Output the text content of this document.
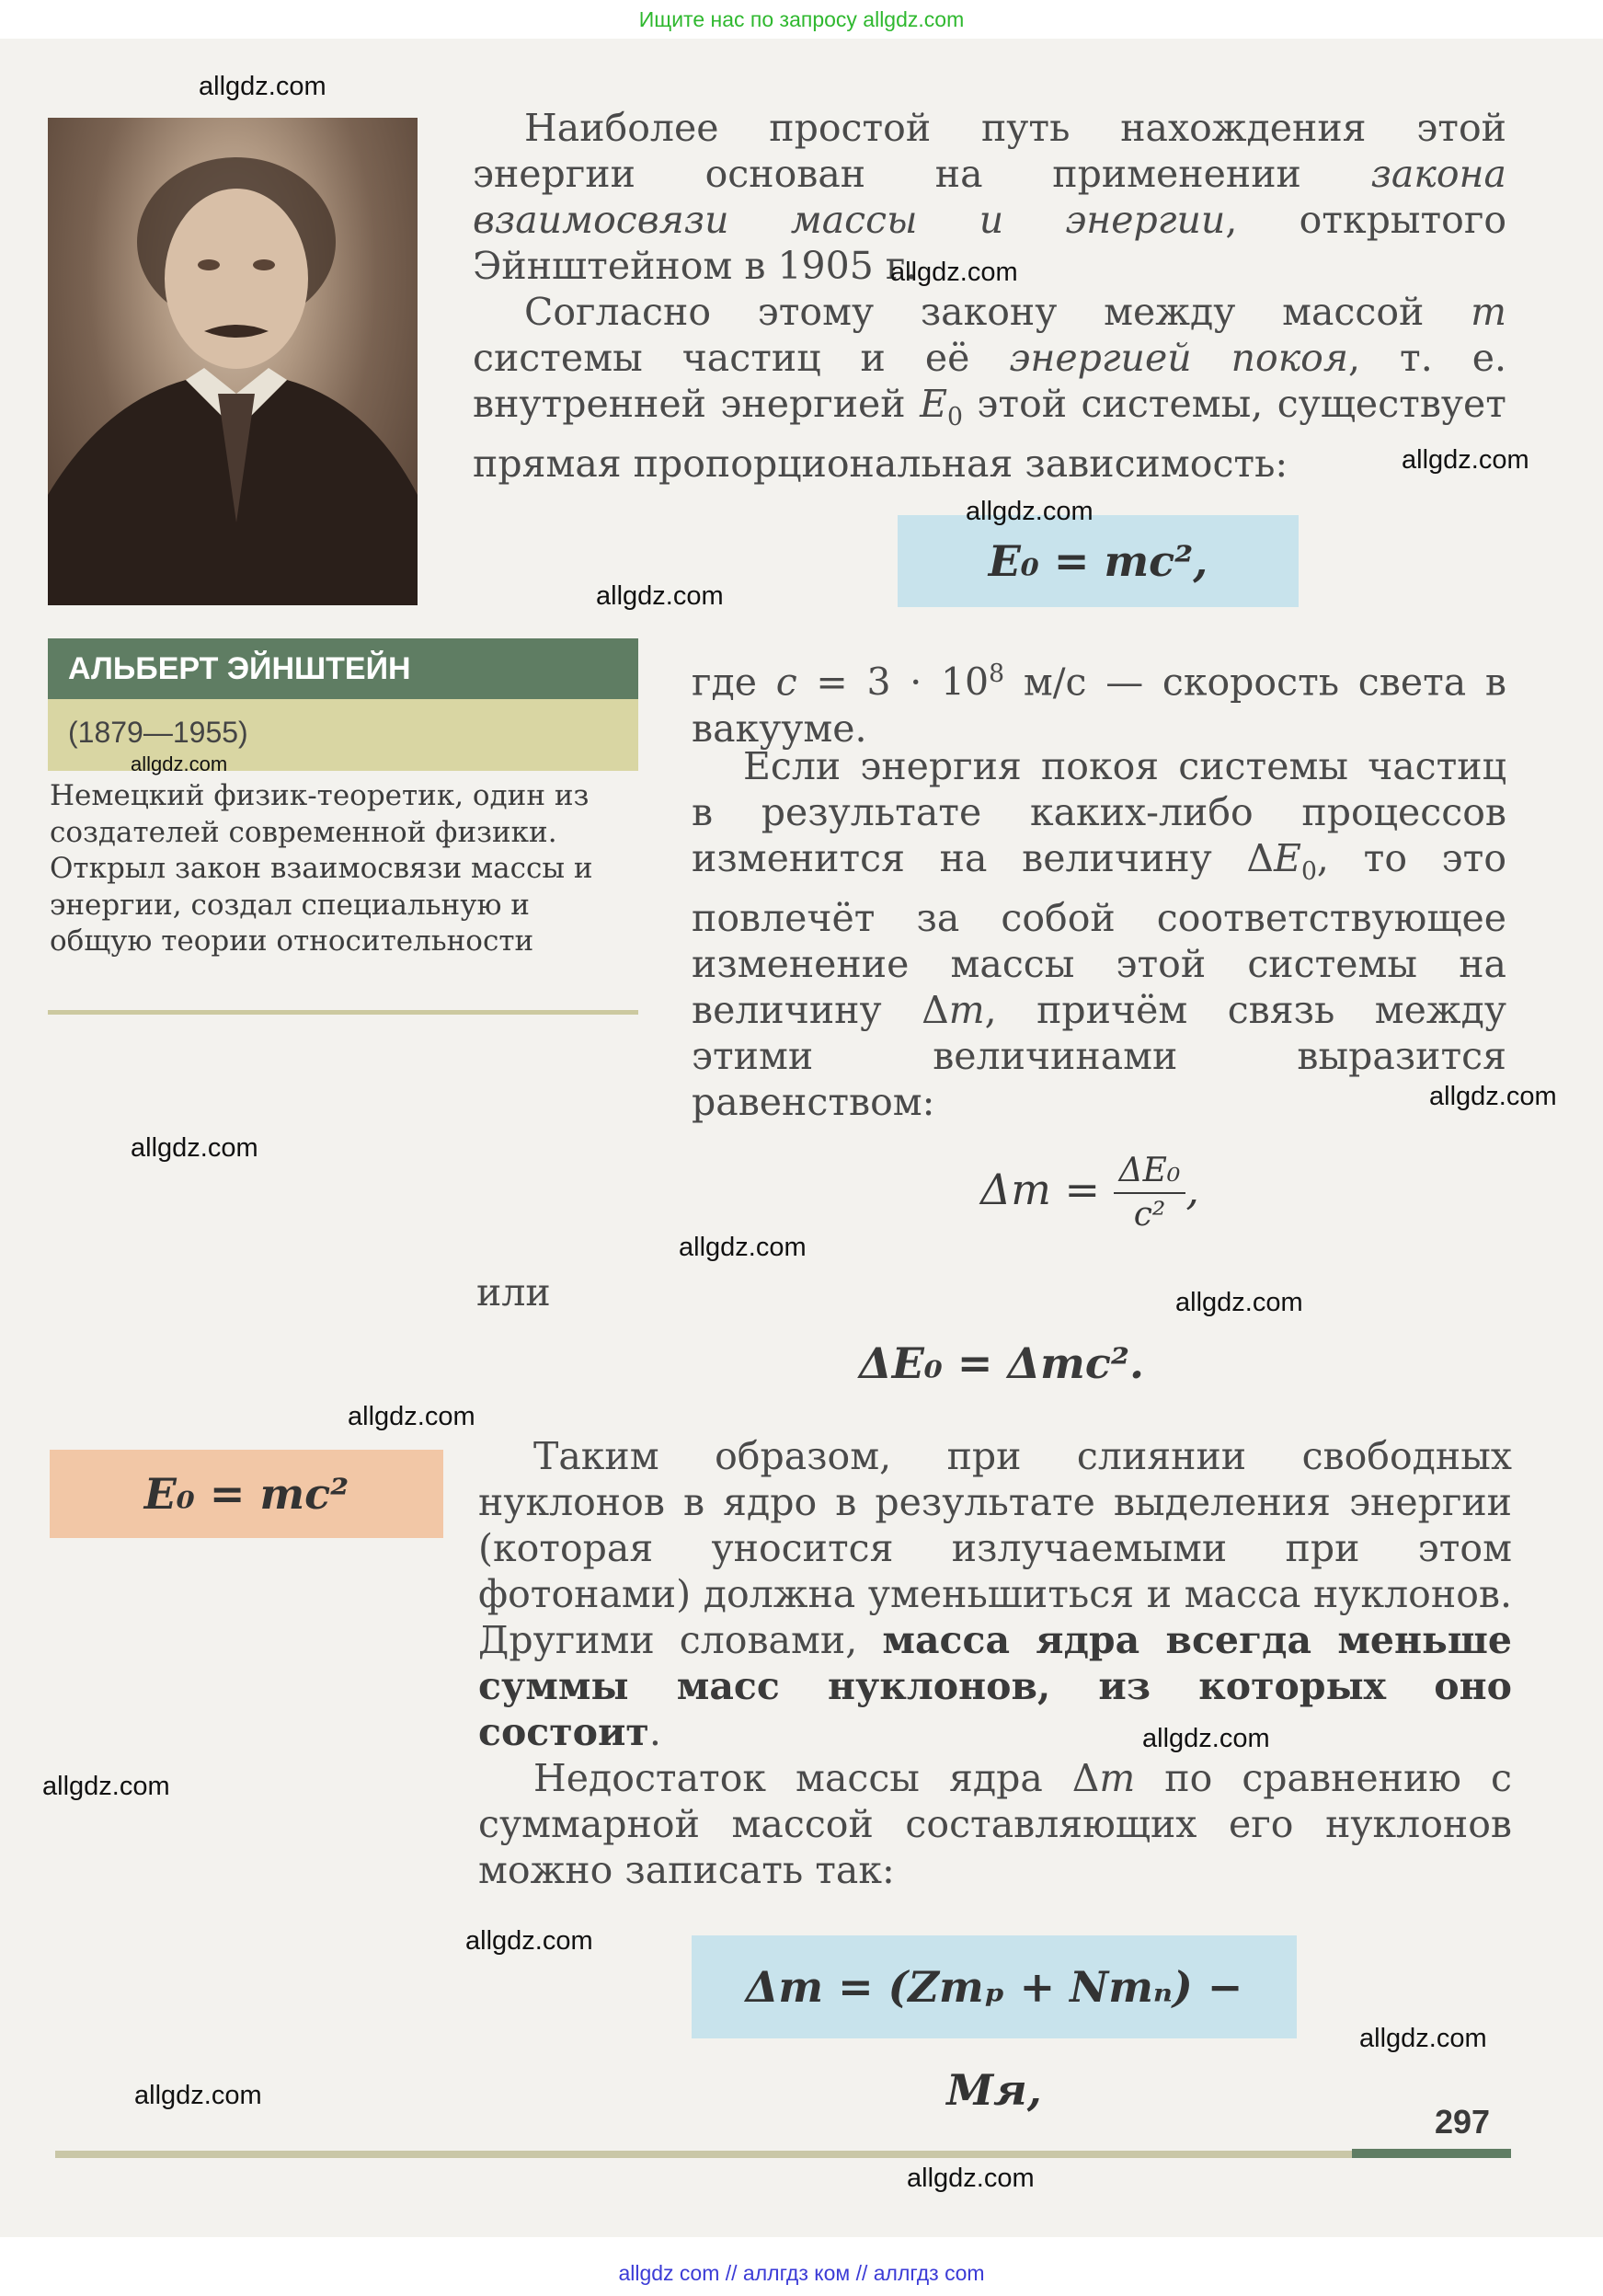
Ищите нас по запросу allgdz.com
АЛЬБЕРТ ЭЙНШТЕЙН
(1879—1955)
Немецкий физик-теоретик, один из создателей современной физики. Открыл закон взаимосвязи массы и энергии, создал специальную и общую теории относительности
Наиболее простой путь нахождения этой энергии основан на применении закона взаимосвязи массы и энергии, открытого Эйнштейном в 1905 г.
Согласно этому закону между массой m системы частиц и её энергией покоя, т. е. внутренней энергией $E_0$ этой системы, существует прямая пропорциональная зависимость:
E₀ = mc²,
где $c = 3 \cdot 10^8$ м/с — скорость света в вакууме.
Если энергия покоя системы частиц в результате каких-либо процессов изменится на величину $\Delta E_0$, то это повлечёт за собой соответствующее изменение массы этой системы на величину Δm, причём связь между этими величинами выразится равенством:
$\Delta m = \frac{\text{ΔE₀}}{\text{c²}}$ ,
или
ΔE₀ = Δmc².
E₀ = mc²
Таким образом, при слиянии свободных нуклонов в ядро в результате выделения энергии (которая уносится излучаемыми при этом фотонами) должна уменьшиться и масса нуклонов. Другими словами, масса ядра всегда меньше суммы масс нуклонов, из которых оно состоит.
Недостаток массы ядра Δm по сравнению с суммарной массой составляющих его нуклонов можно записать так:
Δm = (Zmₚ + Nmₙ) − Mя,
297
allgdz.com
allgdz.com
allgdz.com
allgdz.com
allgdz.com
allgdz.com
allgdz.com
allgdz.com
allgdz.com
allgdz.com
allgdz.com
allgdz.com
allgdz.com
allgdz.com
allgdz.com
allgdz.com
allgdz.com
allgdz com // аллгдз ком // аллгдз com
